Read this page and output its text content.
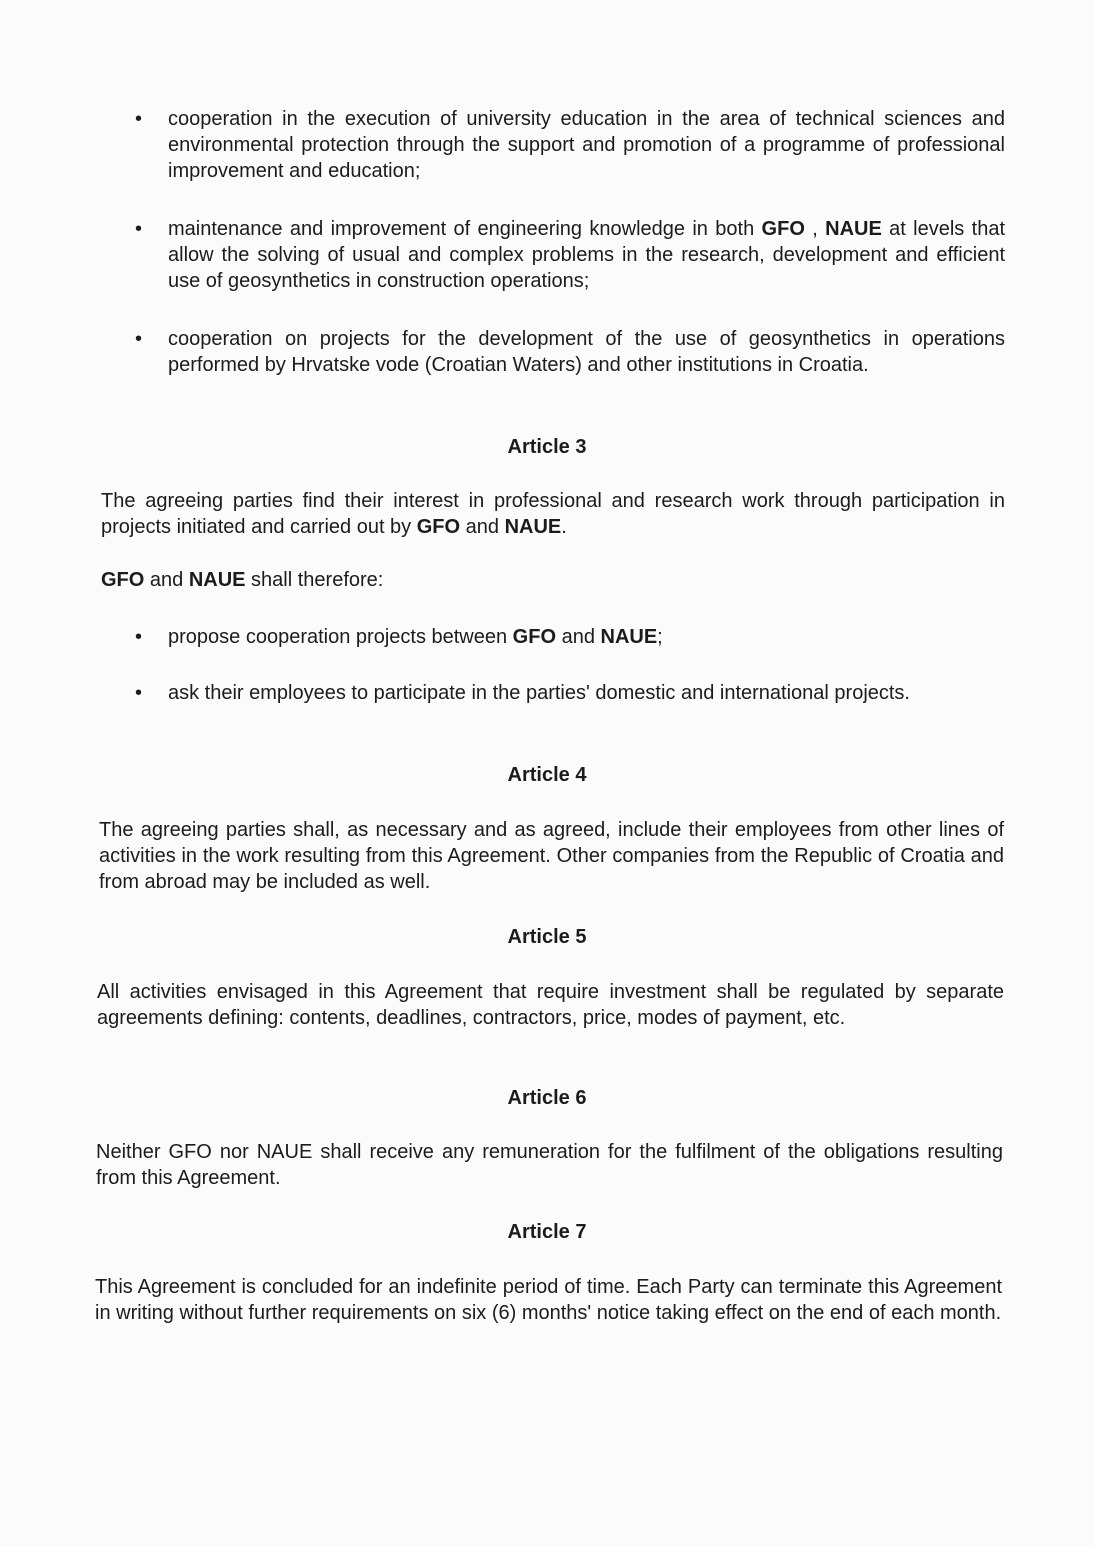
• cooperation in the execution of university education in the area of technical sciences and environmental protection through the support and promotion of a programme of professional improvement and education;
• maintenance and improvement of engineering knowledge in both GFO , NAUE at levels that allow the solving of usual and complex problems in the research, development and efficient use of geosynthetics in construction operations;
• cooperation on projects for the development of the use of geosynthetics in operations performed by Hrvatske vode (Croatian Waters) and other institutions in Croatia.
Article 3

The agreeing parties find their interest in professional and research work through participation in projects initiated and carried out by GFO and NAUE.

GFO and NAUE shall therefore:

• propose cooperation projects between GFO and NAUE;
• ask their employees to participate in the parties' domestic and international projects.
Article 4

The agreeing parties shall, as necessary and as agreed, include their employees from other lines of activities in the work resulting from this Agreement. Other companies from the Republic of Croatia and from abroad may be included as well.

Article 5

All activities envisaged in this Agreement that require investment shall be regulated by separate agreements defining: contents, deadlines, contractors, price, modes of payment, etc.

Article 6

Neither GFO nor NAUE shall receive any remuneration for the fulfilment of the obligations resulting from this Agreement.

Article 7

This Agreement is concluded for an indefinite period of time. Each Party can terminate this Agreement in writing without further requirements on six (6) months' notice taking effect on the end of each month.
